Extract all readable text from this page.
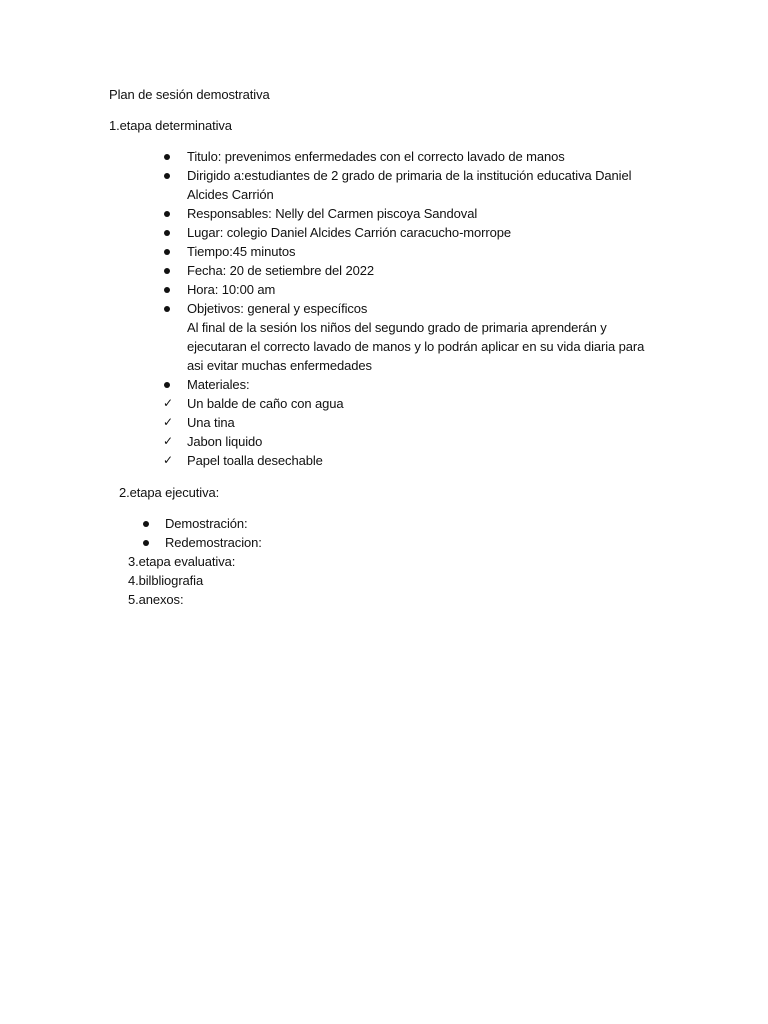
Plan de sesión demostrativa
1.etapa determinativa
Titulo: prevenimos enfermedades con el correcto lavado de manos
Dirigido a:estudiantes de 2 grado de primaria de la institución educativa Daniel
Alcides Carrión
Responsables: Nelly del Carmen piscoya Sandoval
Lugar: colegio Daniel Alcides Carrión caracucho-morrope
Tiempo:45 minutos
Fecha: 20 de setiembre del 2022
Hora: 10:00 am
Objetivos: general y específicos
Al final de la sesión los niños del segundo grado de primaria aprenderán y
ejecutaran el correcto lavado de manos y lo podrán aplicar en su vida diaria para
asi evitar muchas enfermedades
Materiales:
✓ Un balde de caño con agua
✓ Una tina
✓ Jabon liquido
✓ Papel toalla desechable
2.etapa ejecutiva:
Demostración:
Redemostracion:
3.etapa evaluativa:
4.bilbliografia
5.anexos:
